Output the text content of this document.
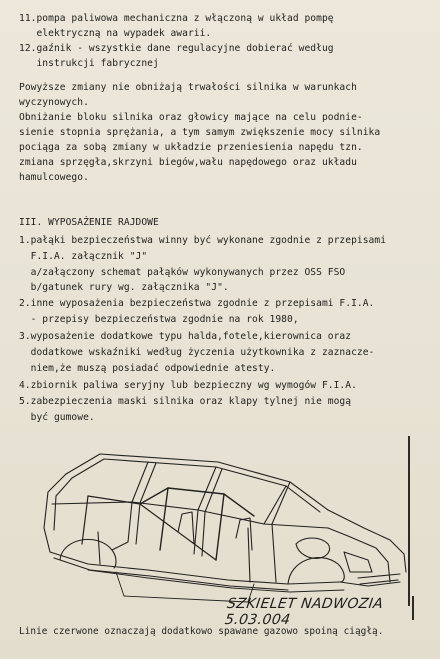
11.pompa paliwowa mechaniczna z włączoną w układ pompę
elektryczną na wypadek awarii.
12.gaźnik - wszystkie dane regulacyjne dobierać według
instrukcji fabrycznej
Powyższe zmiany nie obniżają trwałości silnika w warunkach
wyczynowych.
Obniżanie bloku silnika oraz głowicy mające na celu podnie-
sienie stopnia sprężania, a tym samym zwiększenie mocy silnika
pociąga za sobą zmiany w układzie przeniesienia napędu tzn.
zmiana sprzęgła,skrzyni biegów,wału napędowego oraz układu
hamulcowego.
III. WYPOSAŻENIE RAJDOWE
1.pałąki bezpieczeństwa winny być wykonane zgodnie z przepisami
F.I.A. załącznik "J"
a/załączony schemat pałąków wykonywanych przez OSS FSO
b/gatunek rury wg. załącznika "J".
2.inne wyposażenia bezpieczeństwa zgodnie z przepisami F.I.A.
- przepisy bezpieczeństwa zgodnie na rok 1980,
3.wyposażenie dodatkowe typu halda,fotele,kierownica oraz
dodatkowe wskaźniki według życzenia użytkownika z zaznacze-
niem,że muszą posiadać odpowiednie atesty.
4.zbiornik paliwa seryjny lub bezpieczny wg wymogów F.I.A.
5.zabezpieczenia maski silnika oraz klapy tylnej nie mogą
być gumowe.
SZKIELET NADWOZIA 5.03.004
Linie czerwone oznaczają dodatkowo spawane gazowo spoiną ciągłą.
